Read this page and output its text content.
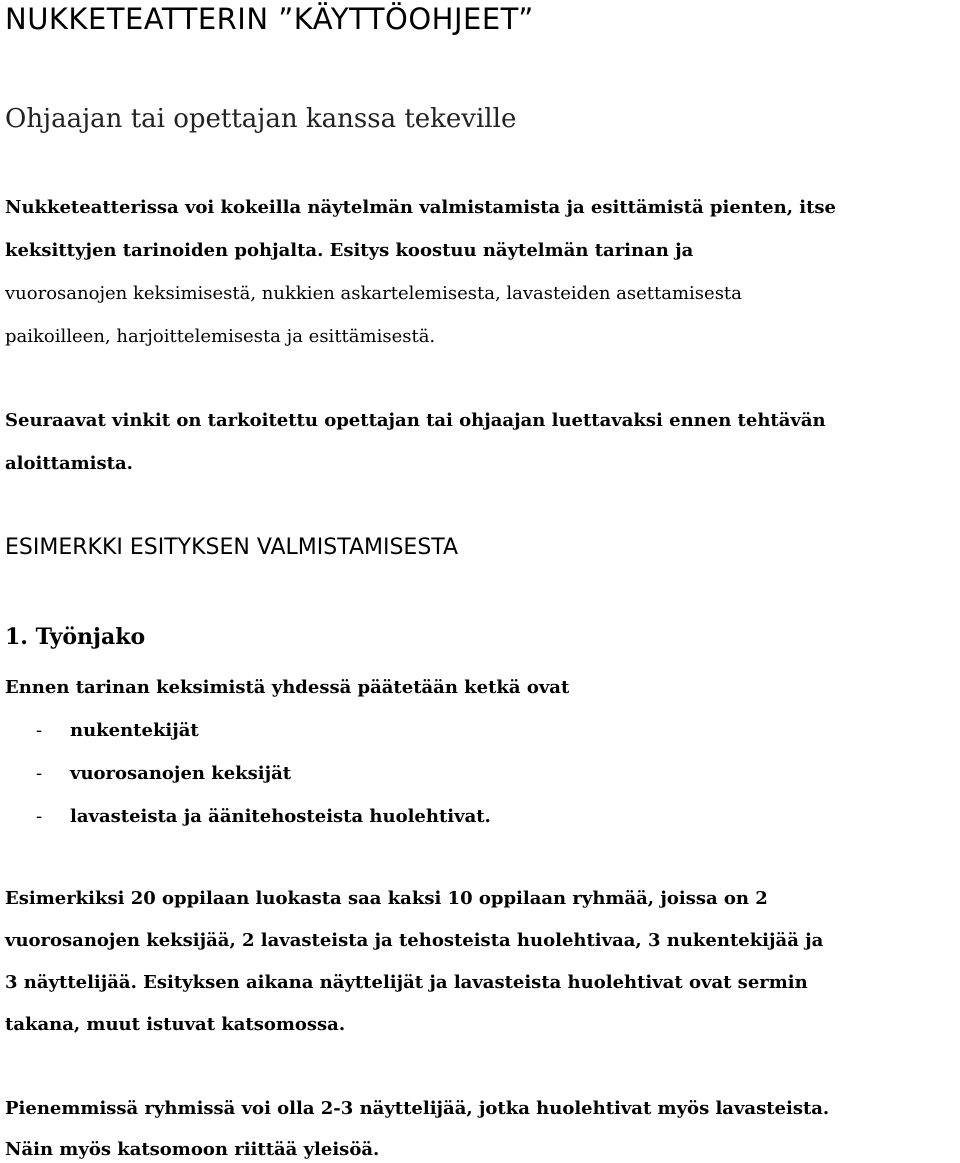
NUKKETEATTERIN ”KÄYTTÖOHJEET”
Ohjaajan tai opettajan kanssa tekeville

Nukketeatterissa voi kokeilla näytelmän valmistamista ja esittämistä pienten, itse

keksittyjen tarinoiden pohjalta. Esitys koostuu näytelmän tarinan ja

vuorosanojen keksimisestä, nukkien askartelemisesta, lavasteiden asettamisesta

paikoilleen, harjoittelemisesta ja esittämisestä.

Seuraavat vinkit on tarkoitettu opettajan tai ohjaajan luettavaksi ennen tehtävän

aloittamista.

ESIMERKKI ESITYKSEN VALMISTAMISESTA
1. Työnjako

Ennen tarinan keksimistä yhdessä päätetään ketkä ovat

- nukentekijät

- vuorosanojen keksijät

- lavasteista ja äänitehosteista huolehtivat.

Esimerkiksi 20 oppilaan luokasta saa kaksi 10 oppilaan ryhmää, joissa on 2

vuorosanojen keksijää, 2 lavasteista ja tehosteista huolehtivaa, 3 nukentekijää ja

3 näyttelijää. Esityksen aikana näyttelijät ja lavasteista huolehtivat ovat sermin

takana, muut istuvat katsomossa.

Pienemmissä ryhmissä voi olla 2-3 näyttelijää, jotka huolehtivat myös lavasteista.

Näin myös katsomoon riittää yleisöä.
